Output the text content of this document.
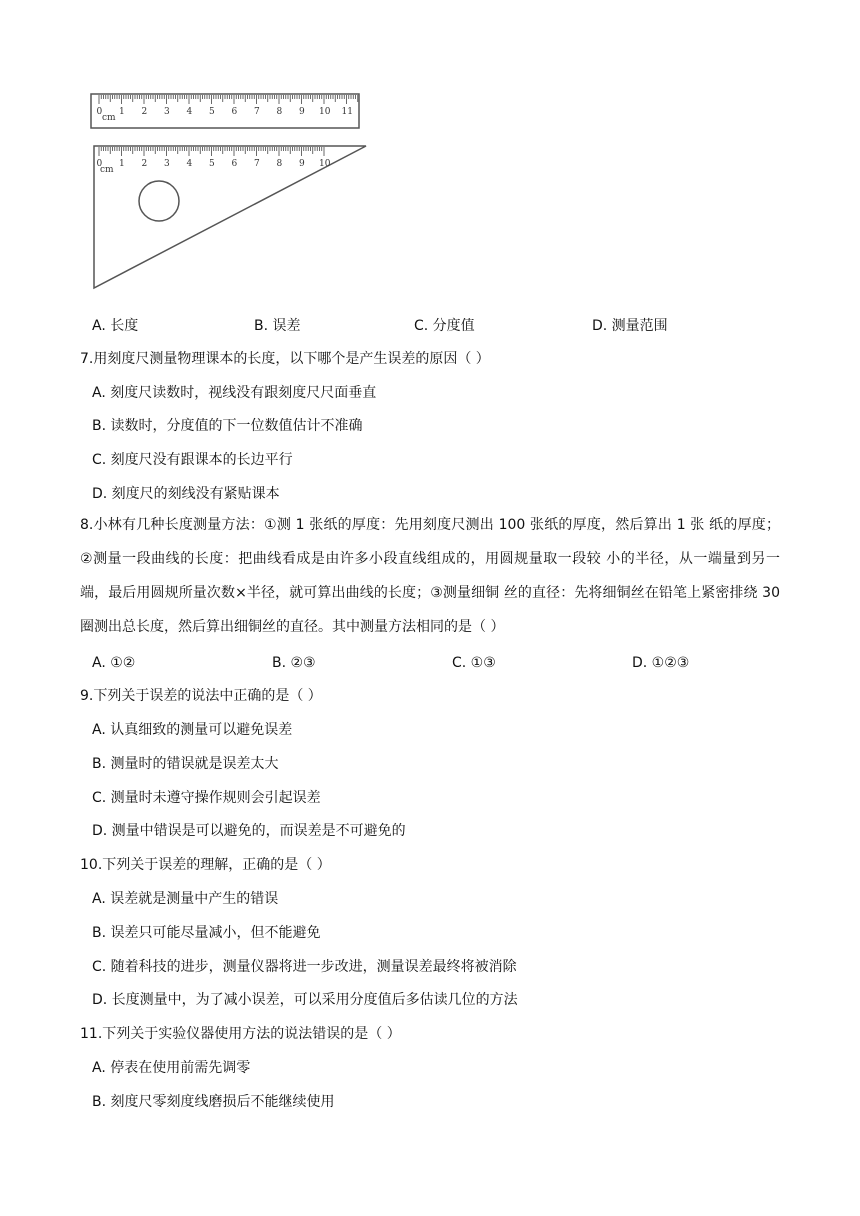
0 1 2 3 4 5 6 7 8 9 10 11
cm
0 1 2 3 4 5 6 7 8 9 10
cm
A. 长度	B. 误差	C. 分度值	D. 测量范围
7.用刻度尺测量物理课本的长度，以下哪个是产生误差的原因（ ）
A. 刻度尺读数时，视线没有跟刻度尺尺面垂直
B. 读数时，分度值的下一位数值估计不准确
C. 刻度尺没有跟课本的长边平行
D. 刻度尺的刻线没有紧贴课本
8.小林有几种长度测量方法：①测 1 张纸的厚度：先用刻度尺测出 100 张纸的厚度，然后算出 1 张 纸的厚度；②测量一段曲线的长度：把曲线看成是由许多小段直线组成的，用圆规量取一段较 小的半径，从一端量到另一端，最后用圆规所量次数×半径，就可算出曲线的长度；③测量细铜 丝的直径：先将细铜丝在铅笔上紧密排绕 30 圈测出总长度，然后算出细铜丝的直径。其中测量方法相同的是（ ）
A. ①②	B. ②③	C. ①③	D. ①②③
9.下列关于误差的说法中正确的是（ ）
A. 认真细致的测量可以避免误差
B. 测量时的错误就是误差太大
C. 测量时未遵守操作规则会引起误差
D. 测量中错误是可以避免的，而误差是不可避免的
10.下列关于误差的理解，正确的是（ ）
A. 误差就是测量中产生的错误
B. 误差只可能尽量减小，但不能避免
C. 随着科技的进步，测量仪器将进一步改进，测量误差最终将被消除
D. 长度测量中，为了减小误差，可以采用分度值后多估读几位的方法
11.下列关于实验仪器使用方法的说法错误的是（ ）
A. 停表在使用前需先调零
B. 刻度尺零刻度线磨损后不能继续使用
